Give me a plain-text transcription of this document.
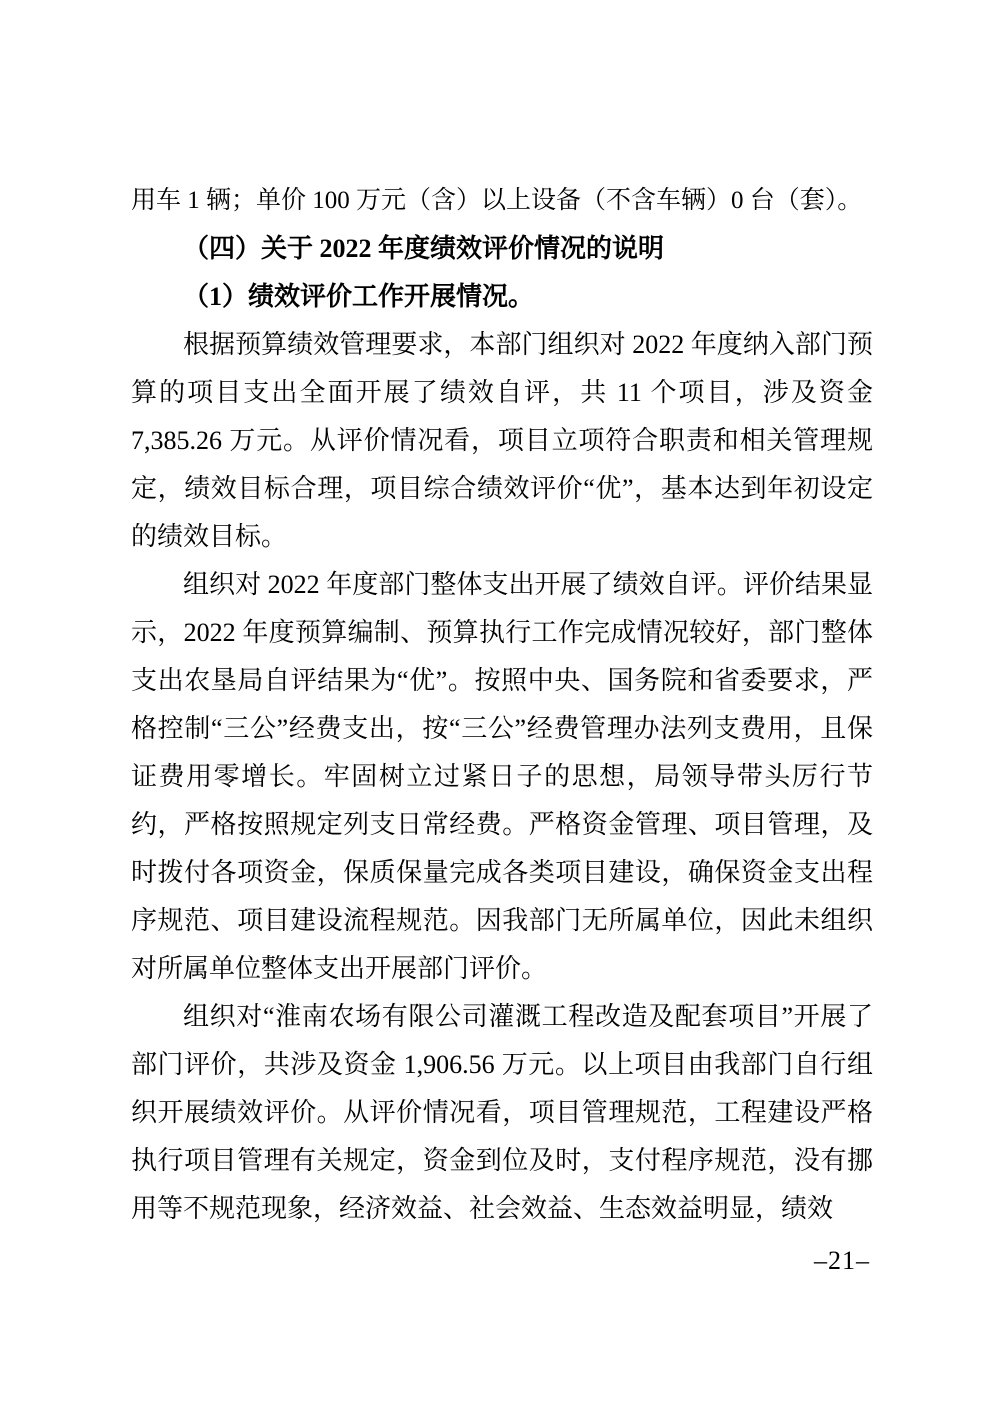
用车 1 辆；单价 100 万元（含）以上设备（不含车辆）0 台（套）。

（四）关于 2022 年度绩效评价情况的说明

（1）绩效评价工作开展情况。

根据预算绩效管理要求，本部门组织对 2022 年度纳入部门预算的项目支出全面开展了绩效自评，共 11 个项目，涉及资金 7,385.26 万元。从评价情况看，项目立项符合职责和相关管理规定，绩效目标合理，项目综合绩效评价“优”，基本达到年初设定的绩效目标。

组织对 2022 年度部门整体支出开展了绩效自评。评价结果显示，2022 年度预算编制、预算执行工作完成情况较好，部门整体支出农垦局自评结果为“优”。按照中央、国务院和省委要求，严格控制“三公”经费支出，按“三公”经费管理办法列支费用，且保证费用零增长。牢固树立过紧日子的思想，局领导带头厉行节约，严格按照规定列支日常经费。严格资金管理、项目管理，及时拨付各项资金，保质保量完成各类项目建设，确保资金支出程序规范、项目建设流程规范。因我部门无所属单位，因此未组织对所属单位整体支出开展部门评价。

组织对“淮南农场有限公司灌溉工程改造及配套项目”开展了部门评价，共涉及资金 1,906.56 万元。以上项目由我部门自行组织开展绩效评价。从评价情况看，项目管理规范，工程建设严格执行项目管理有关规定，资金到位及时，支付程序规范，没有挪用等不规范现象，经济效益、社会效益、生态效益明显，绩效

–21–
